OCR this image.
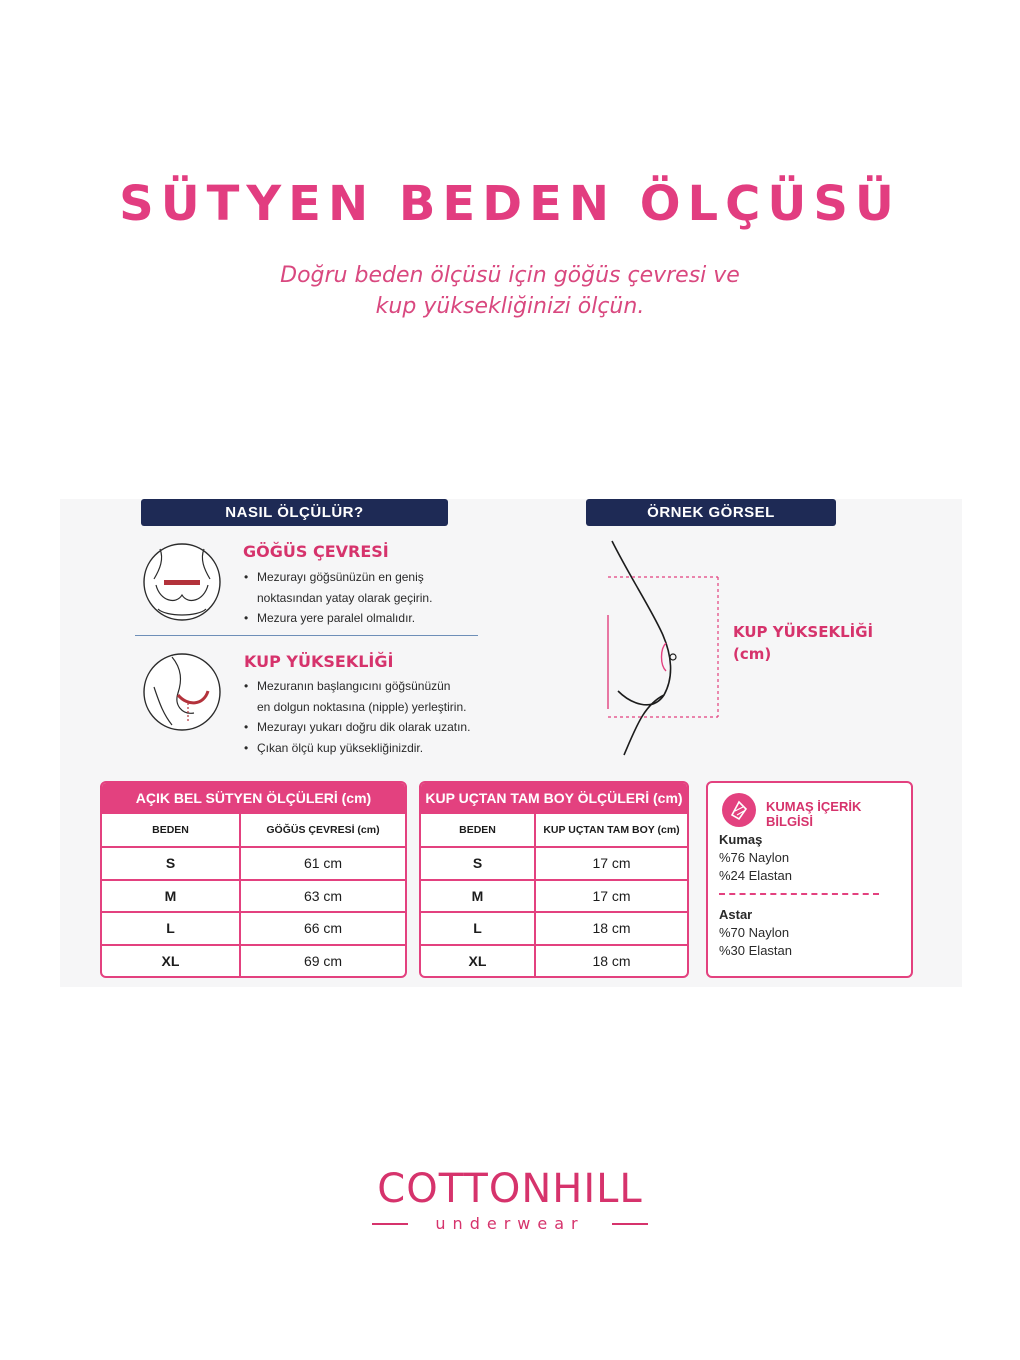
SÜTYEN BEDEN ÖLÇÜSÜ
Doğru beden ölçüsü için göğüs çevresi ve
kup yüksekliğinizi ölçün.
NASIL ÖLÇÜLÜR?
GÖĞÜS ÇEVRESİ
• Mezurayı göğsünüzün en geniş
noktasından yatay olarak geçirin.
• Mezura yere paralel olmalıdır.
KUP YÜKSEKLİĞİ
• Mezuranın başlangıcını göğsünüzün
en dolgun noktasına (nipple) yerleştirin.
• Mezurayı yukarı doğru dik olarak uzatın.
• Çıkan ölçü kup yüksekliğinizdir.
ÖRNEK GÖRSEL
KUP YÜKSEKLİĞİ
(cm)
AÇIK BEL SÜTYEN ÖLÇÜLERİ (cm)
BEDEN	GÖĞÜS ÇEVRESİ (cm)
S	61 cm
M	63 cm
L	66 cm
XL	69 cm
KUP UÇTAN TAM BOY ÖLÇÜLERİ (cm)
BEDEN	KUP UÇTAN TAM BOY (cm)
S	17 cm
M	17 cm
L	18 cm
XL	18 cm
KUMAŞ İÇERİK BİLGİSİ
Kumaş
%76 Naylon
%24 Elastan
Astar
%70 Naylon
%30 Elastan
COTTONHILL
underwear
